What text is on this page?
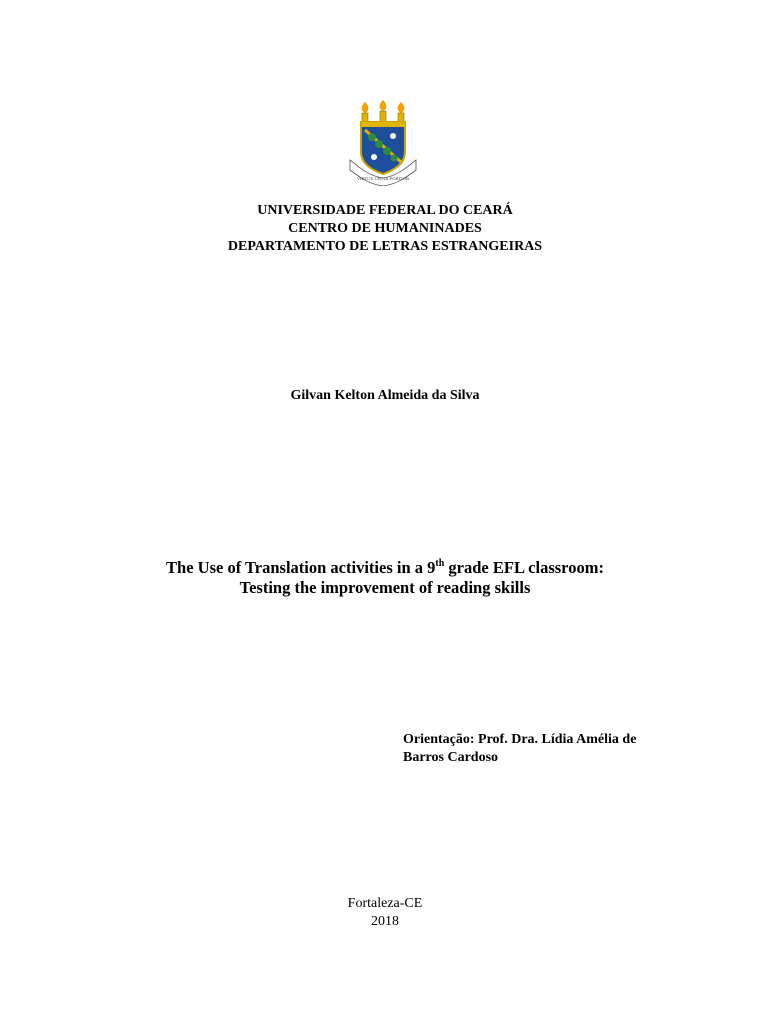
VIRTUS UNITA FORTIOR
UNIVERSIDADE FEDERAL DO CEARÁ
CENTRO DE HUMANINADES
DEPARTAMENTO DE LETRAS ESTRANGEIRAS
Gilvan Kelton Almeida da Silva
The Use of Translation activities in a 9th grade EFL classroom:
Testing the improvement of reading skills
Orientação: Prof. Dra. Lídia Amélia de
Barros Cardoso
Fortaleza-CE
2018
